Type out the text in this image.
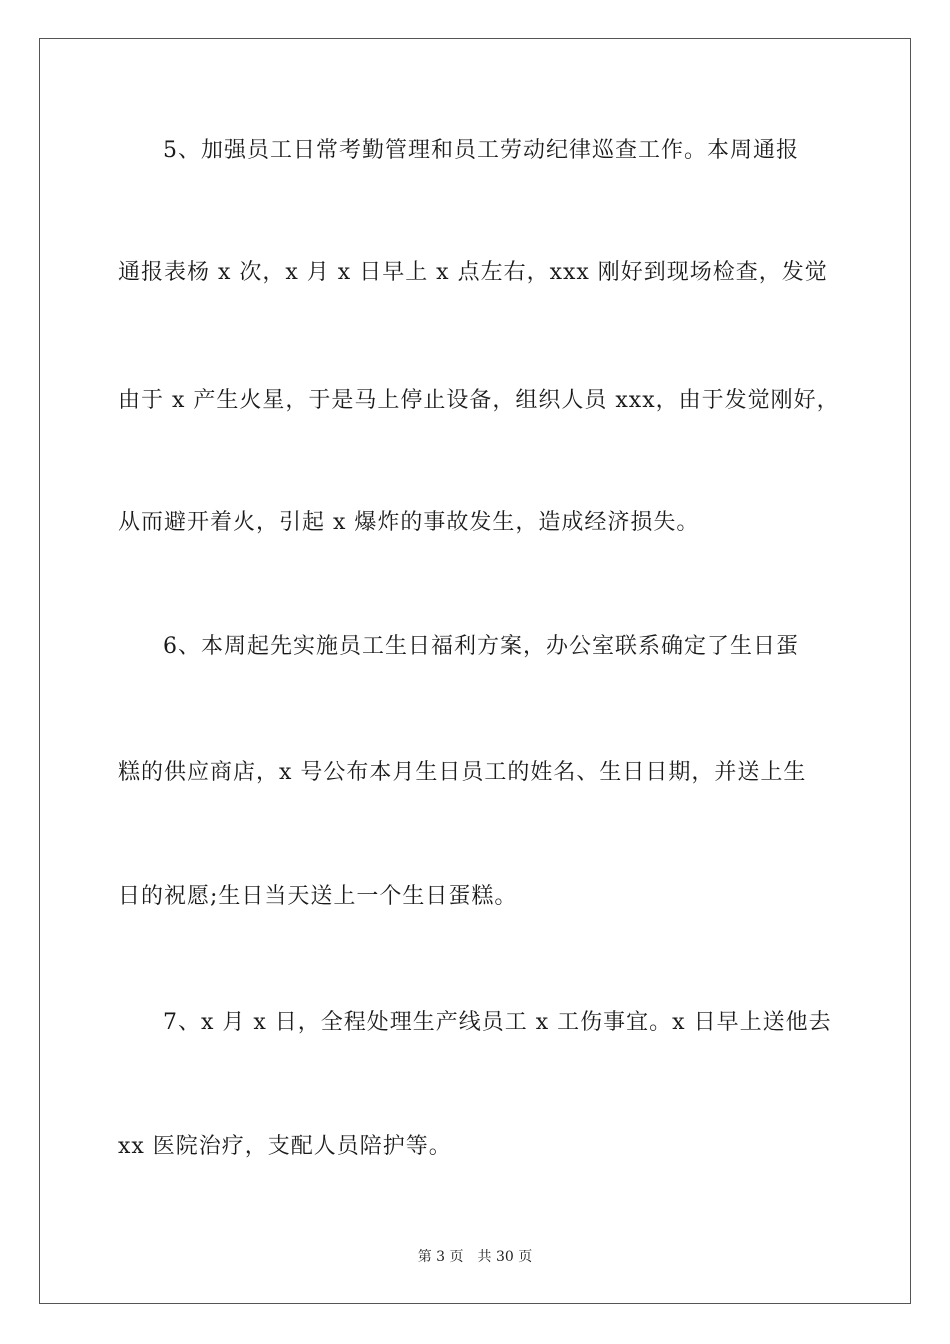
5、加强员工日常考勤管理和员工劳动纪律巡查工作。本周通报
通报表杨 x 次，x 月 x 日早上 x 点左右，xxx 刚好到现场检查，发觉
由于 x 产生火星，于是马上停止设备，组织人员 xxx，由于发觉刚好，
从而避开着火，引起 x 爆炸的事故发生，造成经济损失。
6、本周起先实施员工生日福利方案，办公室联系确定了生日蛋
糕的供应商店，x 号公布本月生日员工的姓名、生日日期，并送上生
日的祝愿;生日当天送上一个生日蛋糕。
7、x 月 x 日，全程处理生产线员工 x 工伤事宜。x 日早上送他去
xx 医院治疗，支配人员陪护等。
第 3 页 共 30 页
